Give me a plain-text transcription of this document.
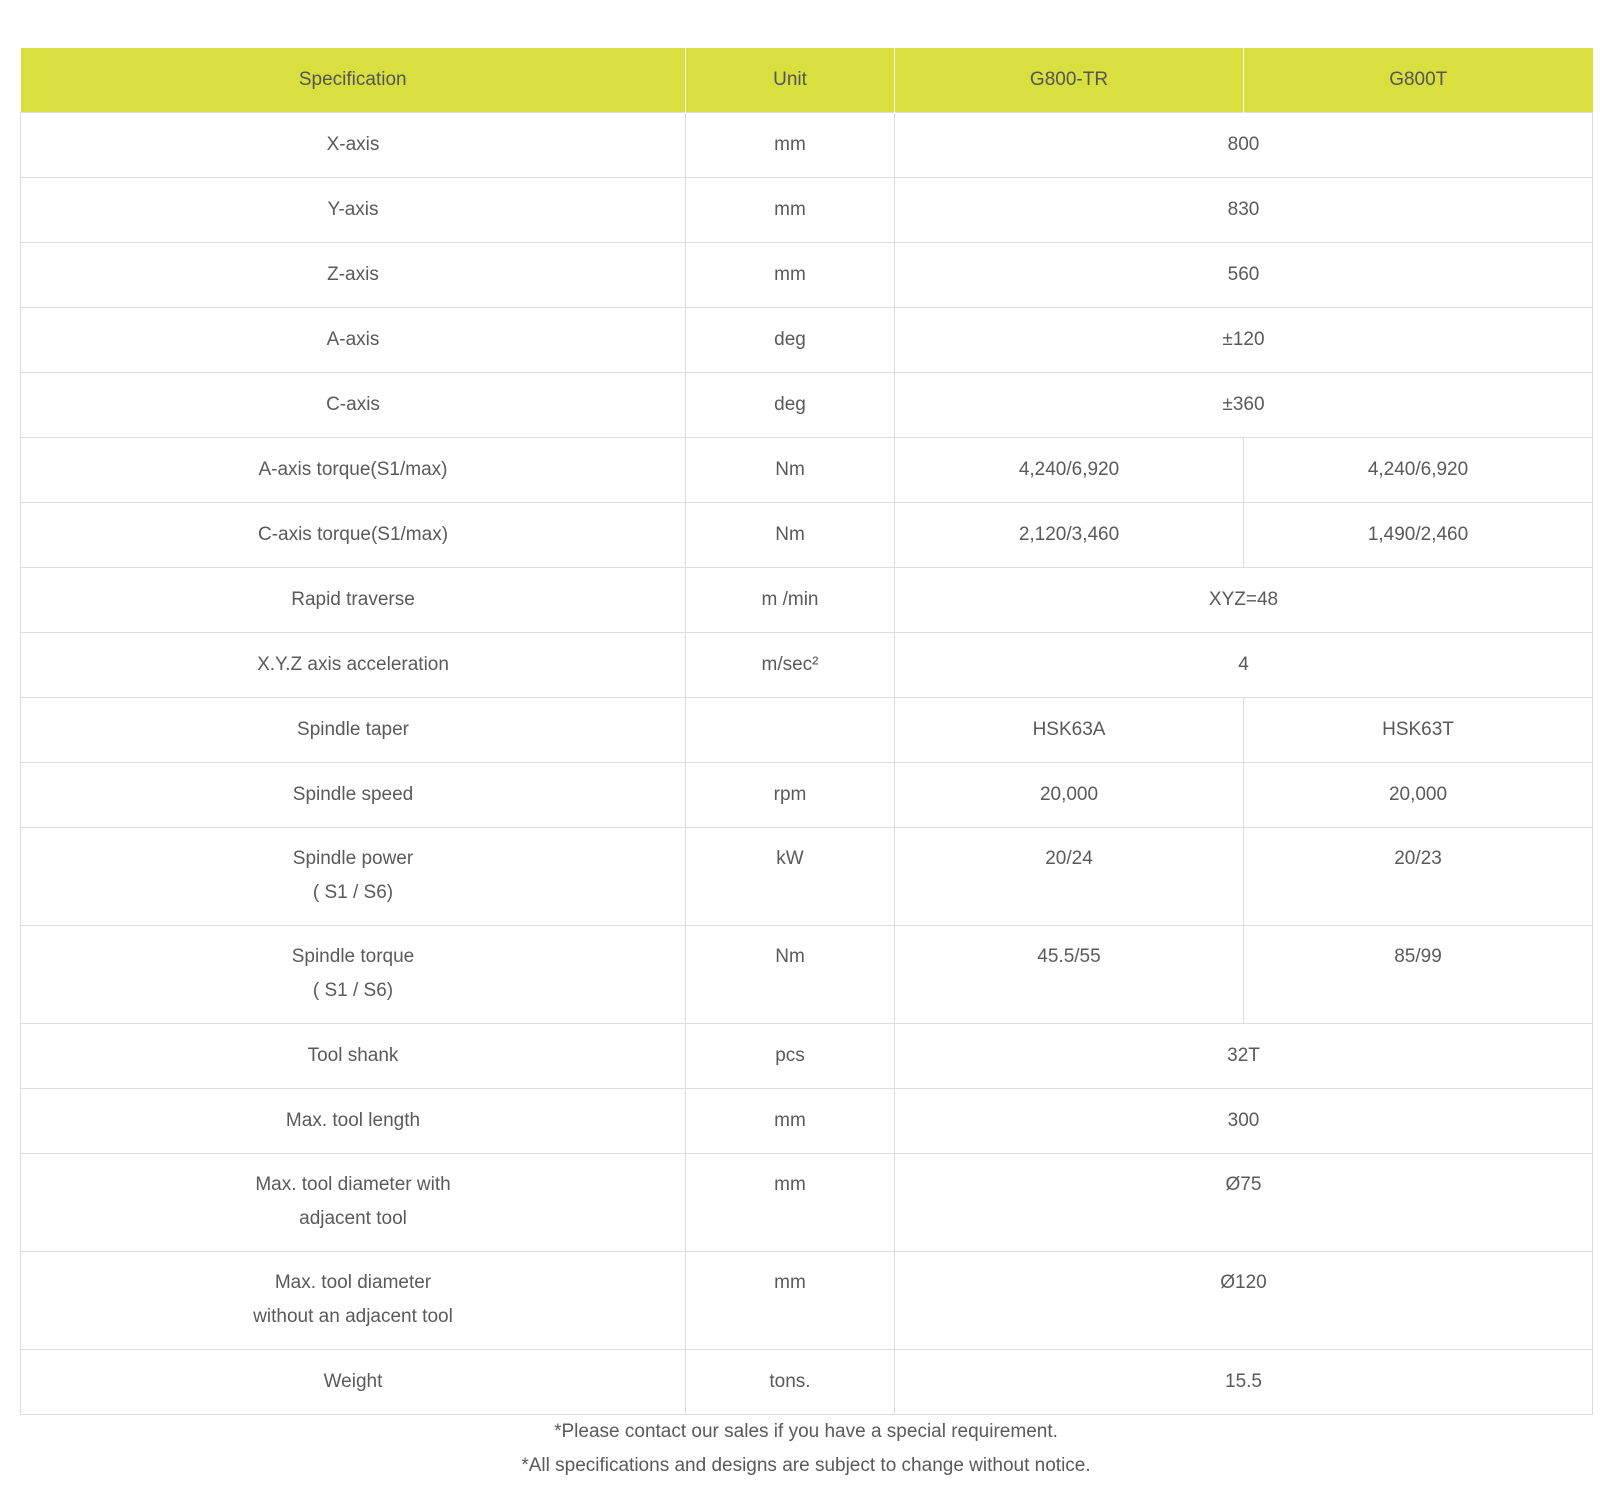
Specification	Unit	G800-TR	G800T
X-axis	mm	800	
Y-axis	mm	830	
Z-axis	mm	560	
A-axis	deg	±120	
C-axis	deg	±360	
A-axis torque(S1/max)	Nm	4,240/6,920	4,240/6,920
C-axis torque(S1/max)	Nm	2,120/3,460	1,490/2,460
Rapid traverse	m /min	XYZ=48	
X.Y.Z axis acceleration	m/sec²	4	
Spindle taper		HSK63A	HSK63T
Spindle speed	rpm	20,000	20,000
Spindle power
( S1 / S6)	kW	20/24	20/23
Spindle torque
( S1 / S6)	Nm	45.5/55	85/99
Tool shank	pcs	32T	
Max. tool length	mm	300	
Max. tool diameter with
adjacent tool	mm	Ø75	
Max. tool diameter
without an adjacent tool	mm	Ø120	
Weight	tons.	15.5	
*Please contact our sales if you have a special requirement.
*All specifications and designs are subject to change without notice.
